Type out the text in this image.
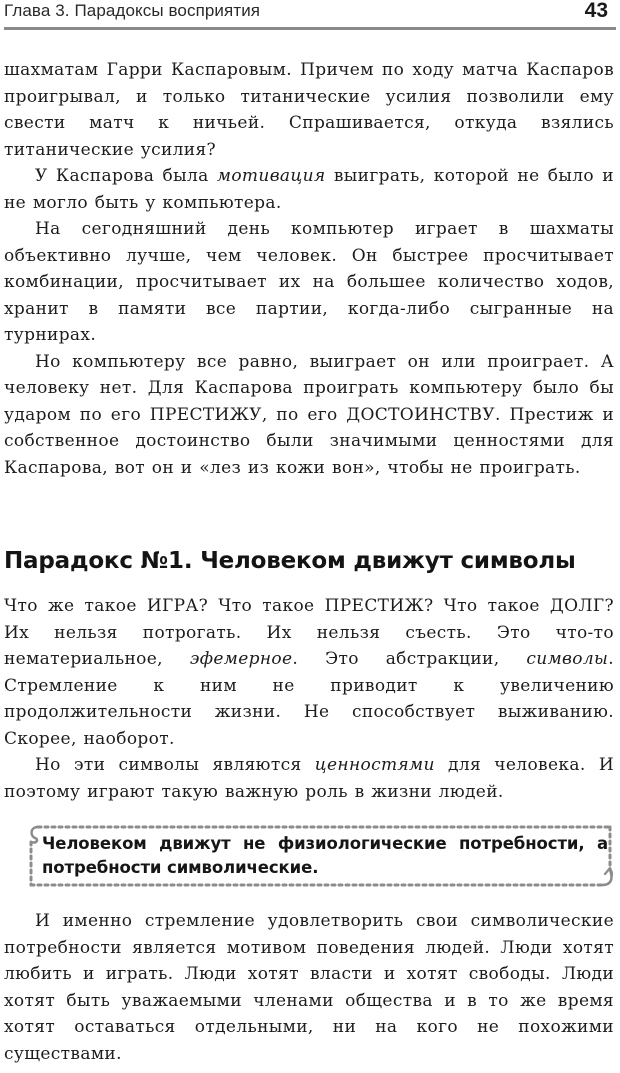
Глава 3. Парадоксы восприятия	43

шахматам Гарри Каспаровым. Причем по ходу матча Каспаров проигрывал, и только титанические усилия позволили ему свести матч к ничьей. Спрашивается, откуда взялись титанические усилия?

У Каспарова была мотивация выиграть, которой не было и не могло быть у компьютера.

На сегодняшний день компьютер играет в шахматы объективно лучше, чем человек. Он быстрее просчитывает комбинации, просчитывает их на большее количество ходов, хранит в памяти все партии, когда-либо сыгранные на турнирах.

Но компьютеру все равно, выиграет он или проиграет. А человеку нет. Для Каспарова проиграть компьютеру было бы ударом по его ПРЕСТИЖУ, по его ДОСТОИНСТВУ. Престиж и собственное достоинство были значимыми ценностями для Каспарова, вот он и «лез из кожи вон», чтобы не проиграть.

Парадокс №1. Человеком движут символы

Что же такое ИГРА? Что такое ПРЕСТИЖ? Что такое ДОЛГ? Их нельзя потрогать. Их нельзя съесть. Это что-то нематериальное, эфемерное. Это абстракции, символы. Стремление к ним не приводит к увеличению продолжительности жизни. Не способствует выживанию. Скорее, наоборот.

Но эти символы являются ценностями для человека. И поэтому играют такую важную роль в жизни людей.

Человеком движут не физиологические потребности, а потребности символические.

И именно стремление удовлетворить свои символические потребности является мотивом поведения людей. Люди хотят любить и играть. Люди хотят власти и хотят свободы. Люди хотят быть уважаемыми членами общества и в то же время хотят оставаться отдельными, ни на кого не похожими существами.
